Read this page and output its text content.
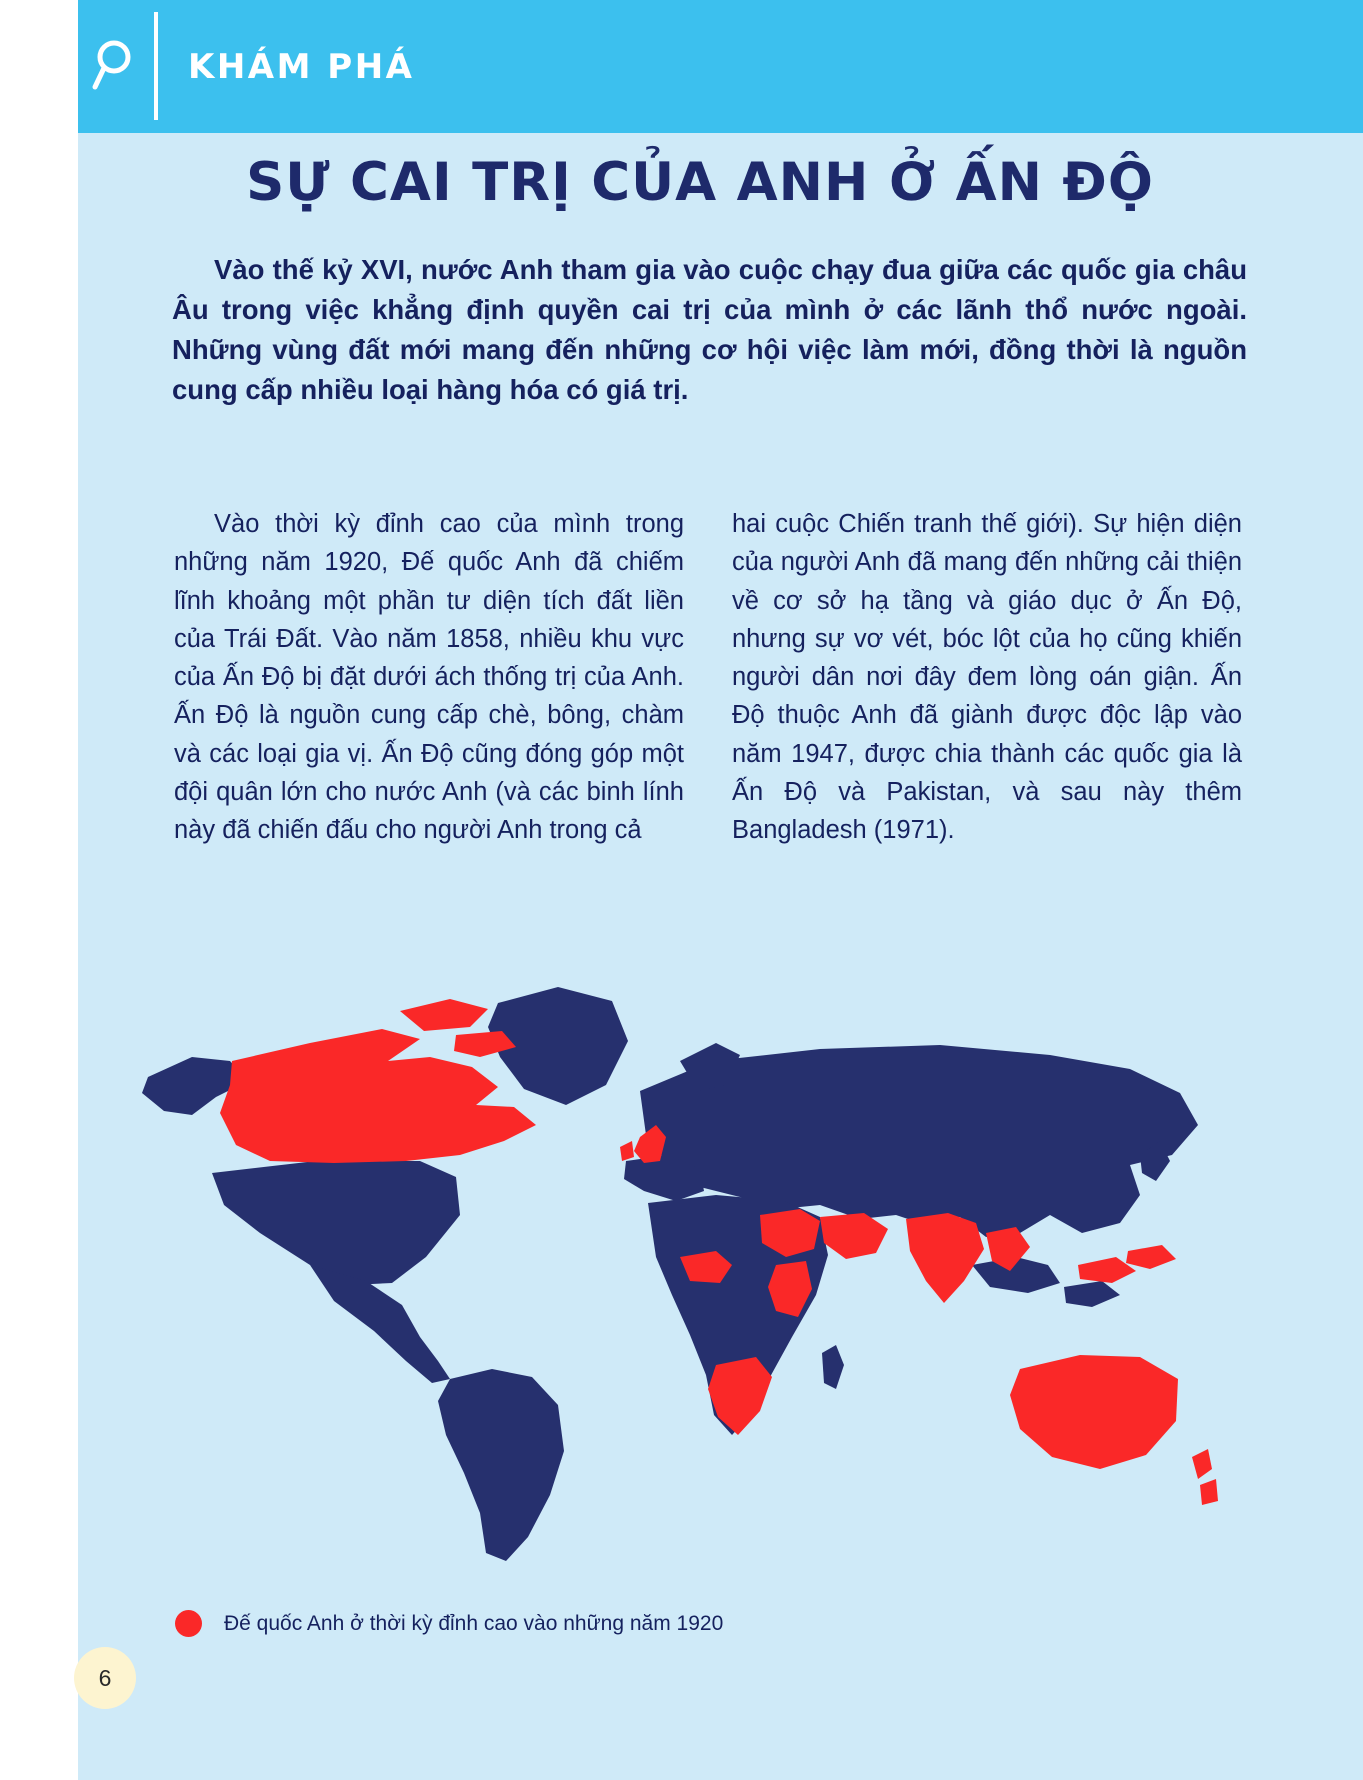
KHÁM PHÁ
SỰ CAI TRỊ CỦA ANH Ở ẤN ĐỘ
Vào thế kỷ XVI, nước Anh tham gia vào cuộc chạy đua giữa các quốc gia châu Âu trong việc khẳng định quyền cai trị của mình ở các lãnh thổ nước ngoài. Những vùng đất mới mang đến những cơ hội việc làm mới, đồng thời là nguồn cung cấp nhiều loại hàng hóa có giá trị.

Vào thời kỳ đỉnh cao của mình trong những năm 1920, Đế quốc Anh đã chiếm lĩnh khoảng một phần tư diện tích đất liền của Trái Đất. Vào năm 1858, nhiều khu vực của Ấn Độ bị đặt dưới ách thống trị của Anh. Ấn Độ là nguồn cung cấp chè, bông, chàm và các loại gia vị. Ấn Độ cũng đóng góp một đội quân lớn cho nước Anh (và các binh lính này đã chiến đấu cho người Anh trong cả

hai cuộc Chiến tranh thế giới). Sự hiện diện của người Anh đã mang đến những cải thiện về cơ sở hạ tầng và giáo dục ở Ấn Độ, nhưng sự vơ vét, bóc lột của họ cũng khiến người dân nơi đây đem lòng oán giận. Ấn Độ thuộc Anh đã giành được độc lập vào năm 1947, được chia thành các quốc gia là Ấn Độ và Pakistan, và sau này thêm Bangladesh (1971).

Đế quốc Anh ở thời kỳ đỉnh cao vào những năm 1920
6
